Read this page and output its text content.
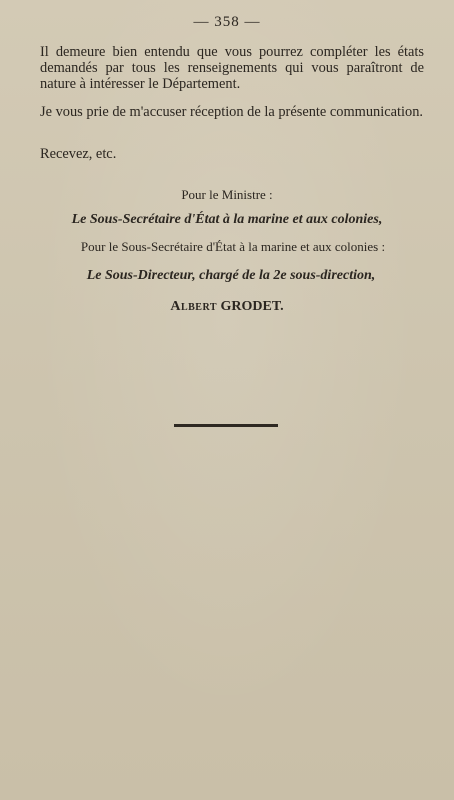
— 358 —
Il demeure bien entendu que vous pourrez compléter les états demandés par tous les renseignements qui vous paraîtront de nature à intéresser le Département.
Je vous prie de m'accuser réception de la présente communication.
Recevez, etc.
Pour le Ministre :
Le Sous-Secrétaire d'État à la marine et aux colonies,
Pour le Sous-Secrétaire d'État à la marine et aux colonies :
Le Sous-Directeur, chargé de la 2e sous-direction,
Albert GRODET.
